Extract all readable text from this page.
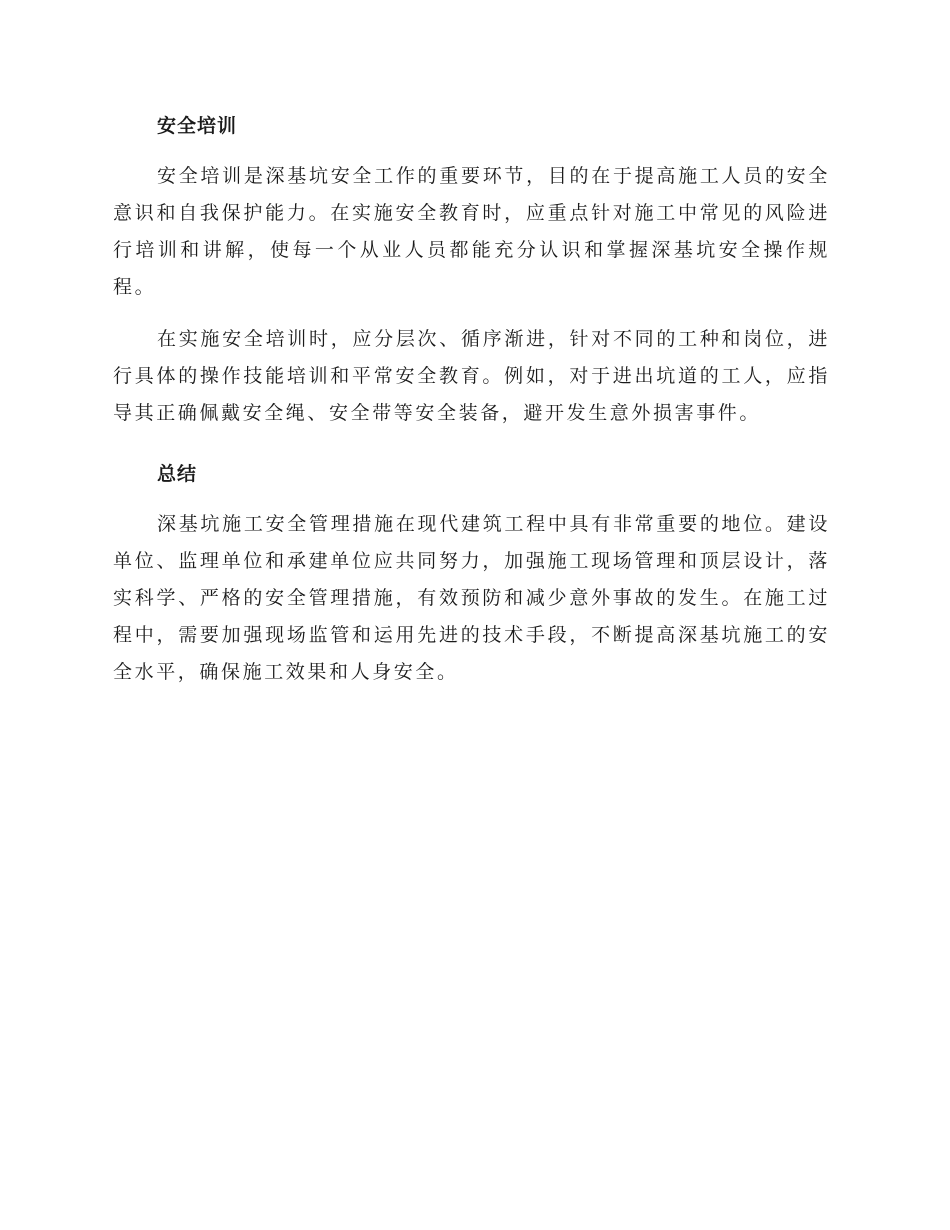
安全培训

安全培训是深基坑安全工作的重要环节，目的在于提高施工人员的安全意识和自我保护能力。在实施安全教育时，应重点针对施工中常见的风险进行培训和讲解，使每一个从业人员都能充分认识和掌握深基坑安全操作规程。

在实施安全培训时，应分层次、循序渐进，针对不同的工种和岗位，进行具体的操作技能培训和平常安全教育。例如，对于进出坑道的工人，应指导其正确佩戴安全绳、安全带等安全装备，避开发生意外损害事件。

总结

深基坑施工安全管理措施在现代建筑工程中具有非常重要的地位。建设单位、监理单位和承建单位应共同努力，加强施工现场管理和顶层设计，落实科学、严格的安全管理措施，有效预防和减少意外事故的发生。在施工过程中，需要加强现场监管和运用先进的技术手段，不断提高深基坑施工的安全水平，确保施工效果和人身安全。
